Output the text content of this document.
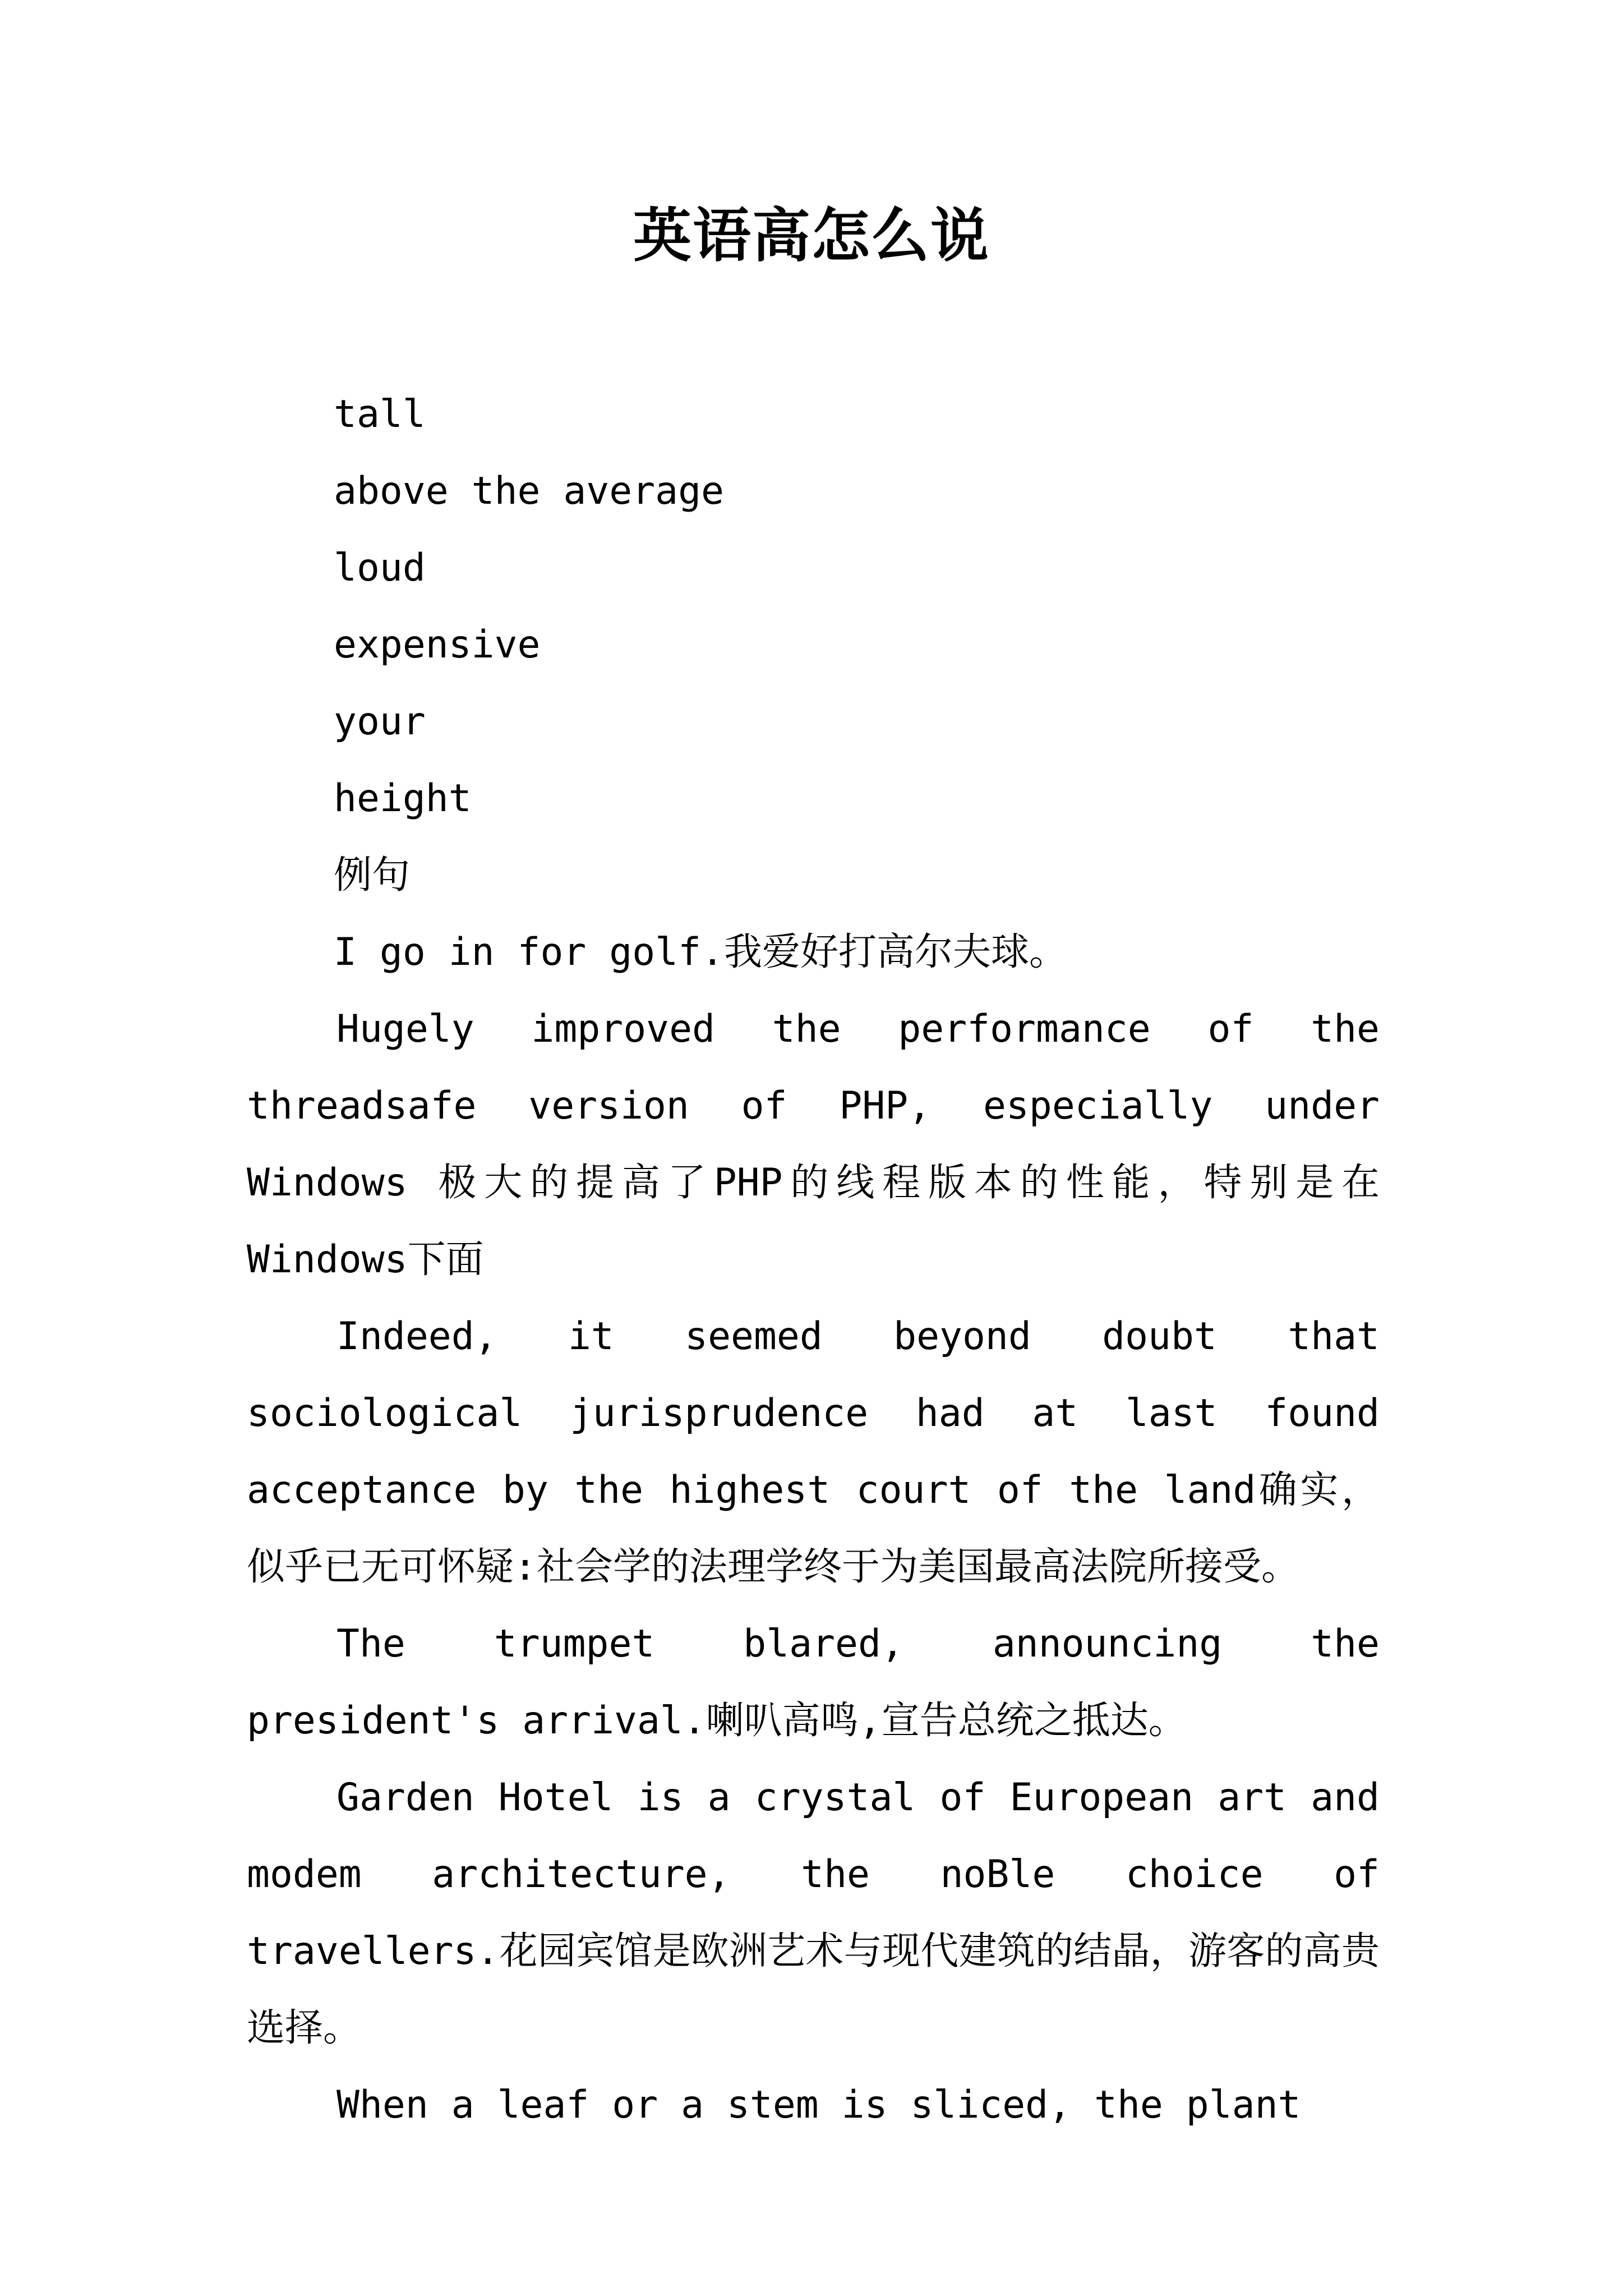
英语高怎么说

tall

above the average

loud

expensive

your

height

例句

I go in for golf.我爱好打高尔夫球。

Hugely improved the performance of the threadsafe version of PHP, especially under Windows 极大的提高了PHP的线程版本的性能，特别是在Windows下面

Indeed, it seemed beyond doubt that sociological jurisprudence had at last found acceptance by the highest court of the land确实，似乎已无可怀疑:社会学的法理学终于为美国最高法院所接受。

The trumpet blared, announcing the president's arrival.喇叭高鸣,宣告总统之抵达。

Garden Hotel is a crystal of European art and modem architecture, the noBle choice of travellers.花园宾馆是欧洲艺术与现代建筑的结晶，游客的高贵选择。

When a leaf or a stem is sliced, the plant
